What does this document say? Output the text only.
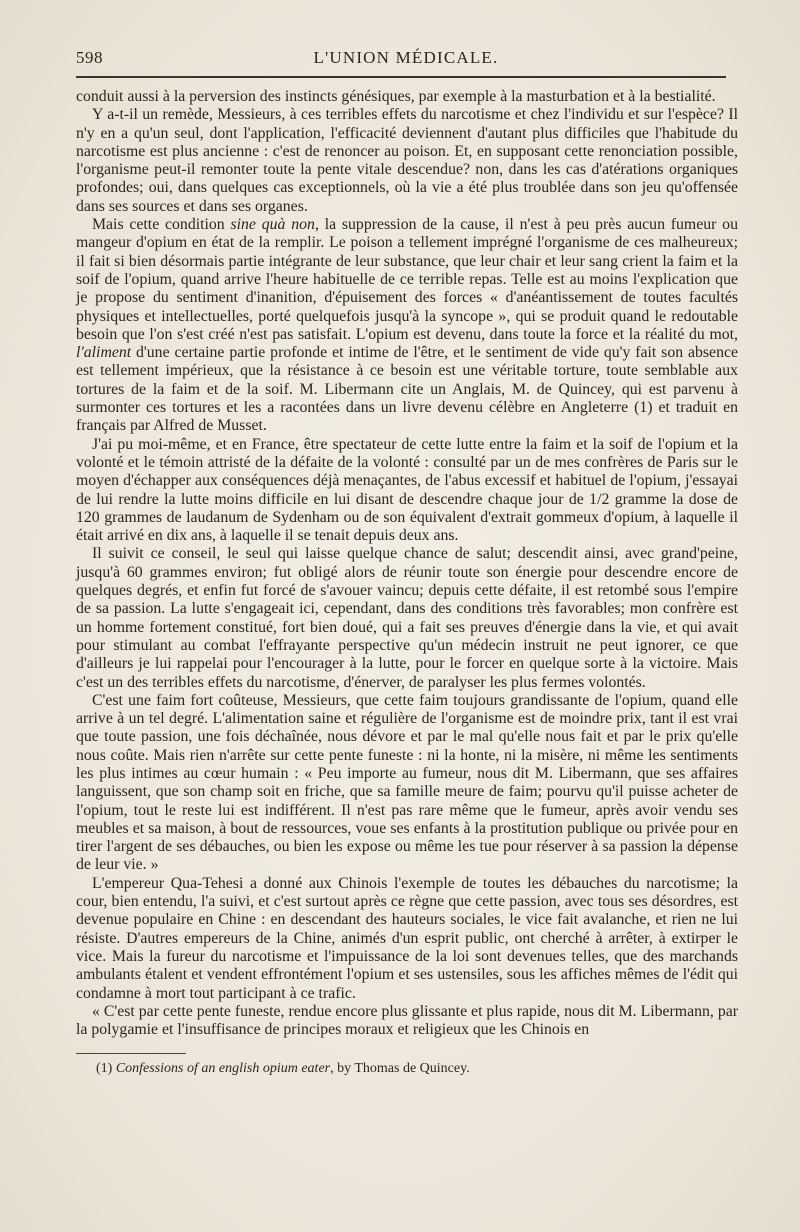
598	L'UNION MÉDICALE.

conduit aussi à la perversion des instincts génésiques, par exemple à la masturbation et à la bestialité.

Y a-t-il un remède, Messieurs, à ces terribles effets du narcotisme et chez l'individu et sur l'espèce? Il n'y en a qu'un seul, dont l'application, l'efficacité deviennent d'autant plus difficiles que l'habitude du narcotisme est plus ancienne : c'est de renoncer au poison. Et, en supposant cette renonciation possible, l'organisme peut-il remonter toute la pente vitale descendue? non, dans les cas d'atérations organiques profondes; oui, dans quelques cas exceptionnels, où la vie a été plus troublée dans son jeu qu'offensée dans ses sources et dans ses organes.

Mais cette condition sine quà non, la suppression de la cause, il n'est à peu près aucun fumeur ou mangeur d'opium en état de la remplir. Le poison a tellement imprégné l'organisme de ces malheureux; il fait si bien désormais partie intégrante de leur substance, que leur chair et leur sang crient la faim et la soif de l'opium, quand arrive l'heure habituelle de ce terrible repas. Telle est au moins l'explication que je propose du sentiment d'inanition, d'épuisement des forces « d'anéantissement de toutes facultés physiques et intellectuelles, porté quelquefois jusqu'à la syncope », qui se produit quand le redoutable besoin que l'on s'est créé n'est pas satisfait. L'opium est devenu, dans toute la force et la réalité du mot, l'aliment d'une certaine partie profonde et intime de l'être, et le sentiment de vide qu'y fait son absence est tellement impérieux, que la résistance à ce besoin est une véritable torture, toute semblable aux tortures de la faim et de la soif. M. Libermann cite un Anglais, M. de Quincey, qui est parvenu à surmonter ces tortures et les a racontées dans un livre devenu célèbre en Angleterre (1) et traduit en français par Alfred de Musset.

J'ai pu moi-même, et en France, être spectateur de cette lutte entre la faim et la soif de l'opium et la volonté et le témoin attristé de la défaite de la volonté : consulté par un de mes confrères de Paris sur le moyen d'échapper aux conséquences déjà menaçantes, de l'abus excessif et habituel de l'opium, j'essayai de lui rendre la lutte moins difficile en lui disant de descendre chaque jour de 1/2 gramme la dose de 120 grammes de laudanum de Sydenham ou de son équivalent d'extrait gommeux d'opium, à laquelle il était arrivé en dix ans, à laquelle il se tenait depuis deux ans.

Il suivit ce conseil, le seul qui laisse quelque chance de salut; descendit ainsi, avec grand'peine, jusqu'à 60 grammes environ; fut obligé alors de réunir toute son énergie pour descendre encore de quelques degrés, et enfin fut forcé de s'avouer vaincu; depuis cette défaite, il est retombé sous l'empire de sa passion. La lutte s'engageait ici, cependant, dans des conditions très favorables; mon confrère est un homme fortement constitué, fort bien doué, qui a fait ses preuves d'énergie dans la vie, et qui avait pour stimulant au combat l'effrayante perspective qu'un médecin instruit ne peut ignorer, ce que d'ailleurs je lui rappelai pour l'encourager à la lutte, pour le forcer en quelque sorte à la victoire. Mais c'est un des terribles effets du narcotisme, d'énerver, de paralyser les plus fermes volontés.

C'est une faim fort coûteuse, Messieurs, que cette faim toujours grandissante de l'opium, quand elle arrive à un tel degré. L'alimentation saine et régulière de l'organisme est de moindre prix, tant il est vrai que toute passion, une fois déchaînée, nous dévore et par le mal qu'elle nous fait et par le prix qu'elle nous coûte. Mais rien n'arrête sur cette pente funeste : ni la honte, ni la misère, ni même les sentiments les plus intimes au cœur humain : « Peu importe au fumeur, nous dit M. Libermann, que ses affaires languissent, que son champ soit en friche, que sa famille meure de faim; pourvu qu'il puisse acheter de l'opium, tout le reste lui est indifférent. Il n'est pas rare même que le fumeur, après avoir vendu ses meubles et sa maison, à bout de ressources, voue ses enfants à la prostitution publique ou privée pour en tirer l'argent de ses débauches, ou bien les expose ou même les tue pour réserver à sa passion la dépense de leur vie. »

L'empereur Qua-Tehesi a donné aux Chinois l'exemple de toutes les débauches du narcotisme; la cour, bien entendu, l'a suivi, et c'est surtout après ce règne que cette passion, avec tous ses désordres, est devenue populaire en Chine : en descendant des hauteurs sociales, le vice fait avalanche, et rien ne lui résiste. D'autres empereurs de la Chine, animés d'un esprit public, ont cherché à arrêter, à extirper le vice. Mais la fureur du narcotisme et l'impuissance de la loi sont devenues telles, que des marchands ambulants étalent et vendent effrontément l'opium et ses ustensiles, sous les affiches mêmes de l'édit qui condamne à mort tout participant à ce trafic.

« C'est par cette pente funeste, rendue encore plus glissante et plus rapide, nous dit M. Libermann, par la polygamie et l'insuffisance de principes moraux et religieux que les Chinois en

(1) Confessions of an english opium eater, by Thomas de Quincey.
